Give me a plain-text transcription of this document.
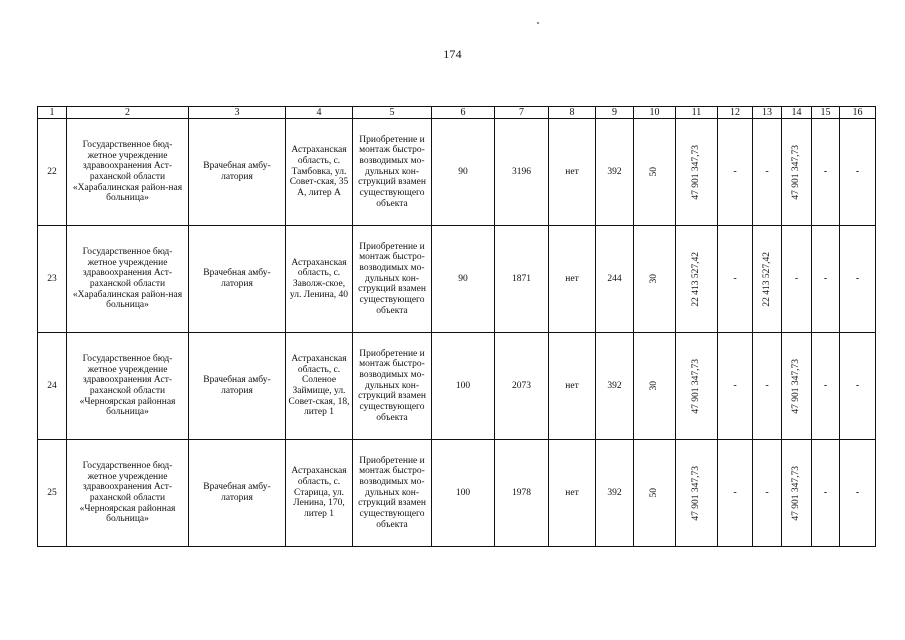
174
1	2	3	4	5	6	7	8	9	10	11	12	13	14	15	16
22	Государственное бюд-жетное учреждение здравоохранения Аст-раханской области «Харабалинская район-ная больница»	Врачебная амбу-латория	Астраханская область, с. Тамбовка, ул. Совет-ская, 35 А, литер А	Приобретение и монтаж быстро-возводимых мо-дульных кон-струкций взамен существующего объекта	90	3196	нет	392	50	47 901 347,73	-	-	47 901 347,73	-	-
23	Государственное бюд-жетное учреждение здравоохранения Аст-раханской области «Харабалинская район-ная больница»	Врачебная амбу-латория	Астраханская область, с. Заволж-ское, ул. Ленина, 40	Приобретение и монтаж быстро-возводимых мо-дульных кон-струкций взамен существующего объекта	90	1871	нет	244	30	22 413 527,42	-	22 413 527,42	-	-	-
24	Государственное бюд-жетное учреждение здравоохранения Аст-раханской области «Черноярская районная больница»	Врачебная амбу-латория	Астраханская область, с. Соленое Займище, ул. Совет-ская, 18, литер 1	Приобретение и монтаж быстро-возводимых мо-дульных кон-струкций взамен существующего объекта	100	2073	нет	392	30	47 901 347,73	-	-	47 901 347,73	-	-
25	Государственное бюд-жетное учреждение здравоохранения Аст-раханской области «Черноярская районная больница»	Врачебная амбу-латория	Астраханская область, с. Старица, ул. Ленина, 170, литер 1	Приобретение и монтаж быстро-возводимых мо-дульных кон-струкций взамен существующего объекта	100	1978	нет	392	50	47 901 347,73	-	-	47 901 347,73	-	-
